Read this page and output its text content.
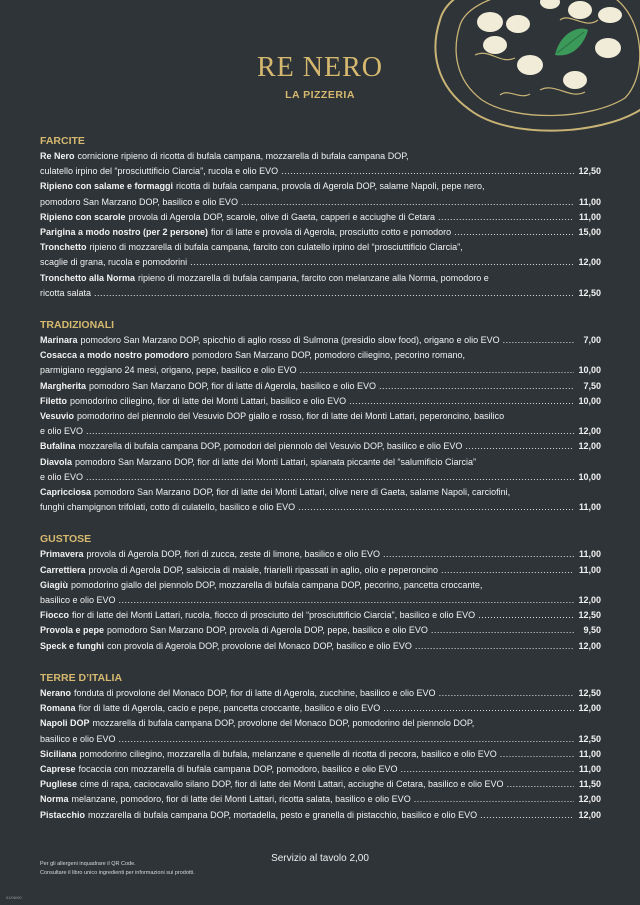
RE NERO
LA PIZZERIA
FARCITE
Re Nero cornicione ripieno di ricotta di bufala campana, mozzarella di bufala campana DOP,
culatello irpino del “prosciuttificio Ciarcia”, rucola e olio EVO .....	12,50
Ripieno con salame e formaggi ricotta di bufala campana, provola di Agerola DOP, salame Napoli, pepe nero,
pomodoro San Marzano DOP, basilico e olio EVO .....	11,00
Ripieno con scarole provola di Agerola DOP, scarole, olive di Gaeta, capperi e acciughe di Cetara .....	11,00
Parigina a modo nostro (per 2 persone) fior di latte e provola di Agerola, prosciutto cotto e pomodoro .....	15,00
Tronchetto ripieno di mozzarella di bufala campana, farcito con culatello irpino del “prosciuttificio Ciarcia”,
scaglie di grana, rucola e pomodorini .....	12,00
Tronchetto alla Norma ripieno di mozzarella di bufala campana, farcito con melanzane alla Norma, pomodoro e
ricotta salata .....	12,50
TRADIZIONALI
Marinara pomodoro San Marzano DOP, spicchio di aglio rosso di Sulmona (presidio slow food), origano e olio EVO .....	7,00
Cosacca a modo nostro pomodoro pomodoro San Marzano DOP, pomodoro ciliegino, pecorino romano,
parmigiano reggiano 24 mesi, origano, pepe, basilico e olio EVO .....	10,00
Margherita pomodoro San Marzano DOP, fior di latte di Agerola, basilico e olio EVO .....	7,50
Filetto pomodorino ciliegino, fior di latte dei Monti Lattari, basilico e olio EVO .....	10,00
Vesuvio pomodorino del piennolo del Vesuvio DOP giallo e rosso, fior di latte dei Monti Lattari, peperoncino, basilico
e olio EVO .....	12,00
Bufalina mozzarella di bufala campana DOP, pomodori del piennolo del Vesuvio DOP, basilico e olio EVO .....	12,00
Diavola pomodoro San Marzano DOP, fior di latte dei Monti Lattari, spianata piccante del “salumificio Ciarcia”
e olio EVO .....	10,00
Capricciosa pomodoro San Marzano DOP, fior di latte dei Monti Lattari, olive nere di Gaeta, salame Napoli, carciofini,
funghi champignon trifolati, cotto di culatello, basilico e olio EVO .....	11,00
GUSTOSE
Primavera provola di Agerola DOP, fiori di zucca, zeste di limone, basilico e olio EVO .....	11,00
Carrettiera provola di Agerola DOP, salsiccia di maiale, friarielli ripassati in aglio, olio e peperoncino .....	11,00
Giagiù pomodorino giallo del piennolo DOP, mozzarella di bufala campana DOP, pecorino, pancetta croccante,
basilico e olio EVO .....	12,00
Fiocco fior di latte dei Monti Lattari, rucola, fiocco di prosciutto del “prosciuttificio Ciarcia”, basilico e olio EVO .....	12,50
Provola e pepe pomodoro San Marzano DOP, provola di Agerola DOP, pepe, basilico e olio EVO .....	9,50
Speck e funghi con provola di Agerola DOP, provolone del Monaco DOP, basilico e olio EVO .....	12,00
TERRE D’ITALIA
Nerano fonduta di provolone del Monaco DOP, fior di latte di Agerola, zucchine, basilico e olio EVO .....	12,50
Romana fior di latte di Agerola, cacio e pepe, pancetta croccante, basilico e olio EVO .....	12,00
Napoli DOP mozzarella di bufala campana DOP, provolone del Monaco DOP, pomodorino del piennolo DOP,
basilico e olio EVO .....	12,50
Siciliana pomodorino ciliegino, mozzarella di bufala, melanzane e quenelle di ricotta di pecora, basilico e olio EVO .....	11,00
Caprese focaccia con mozzarella di bufala campana DOP, pomodoro, basilico e olio EVO .....	11,00
Pugliese cime di rapa, caciocavallo silano DOP, fior di latte dei Monti Lattari, acciughe di Cetara, basilico e olio EVO .....	11,50
Norma melanzane, pomodoro, fior di latte dei Monti Lattari, ricotta salata, basilico e olio EVO .....	12,00
Pistacchio mozzarella di bufala campana DOP, mortadella, pesto e granella di pistacchio, basilico e olio EVO .....	12,00
Per gli allergeni inquadrare il QR Code.
Consultare il libro unico ingredienti per informazioni sui prodotti.
Servizio al tavolo 2,00
01/06/00
